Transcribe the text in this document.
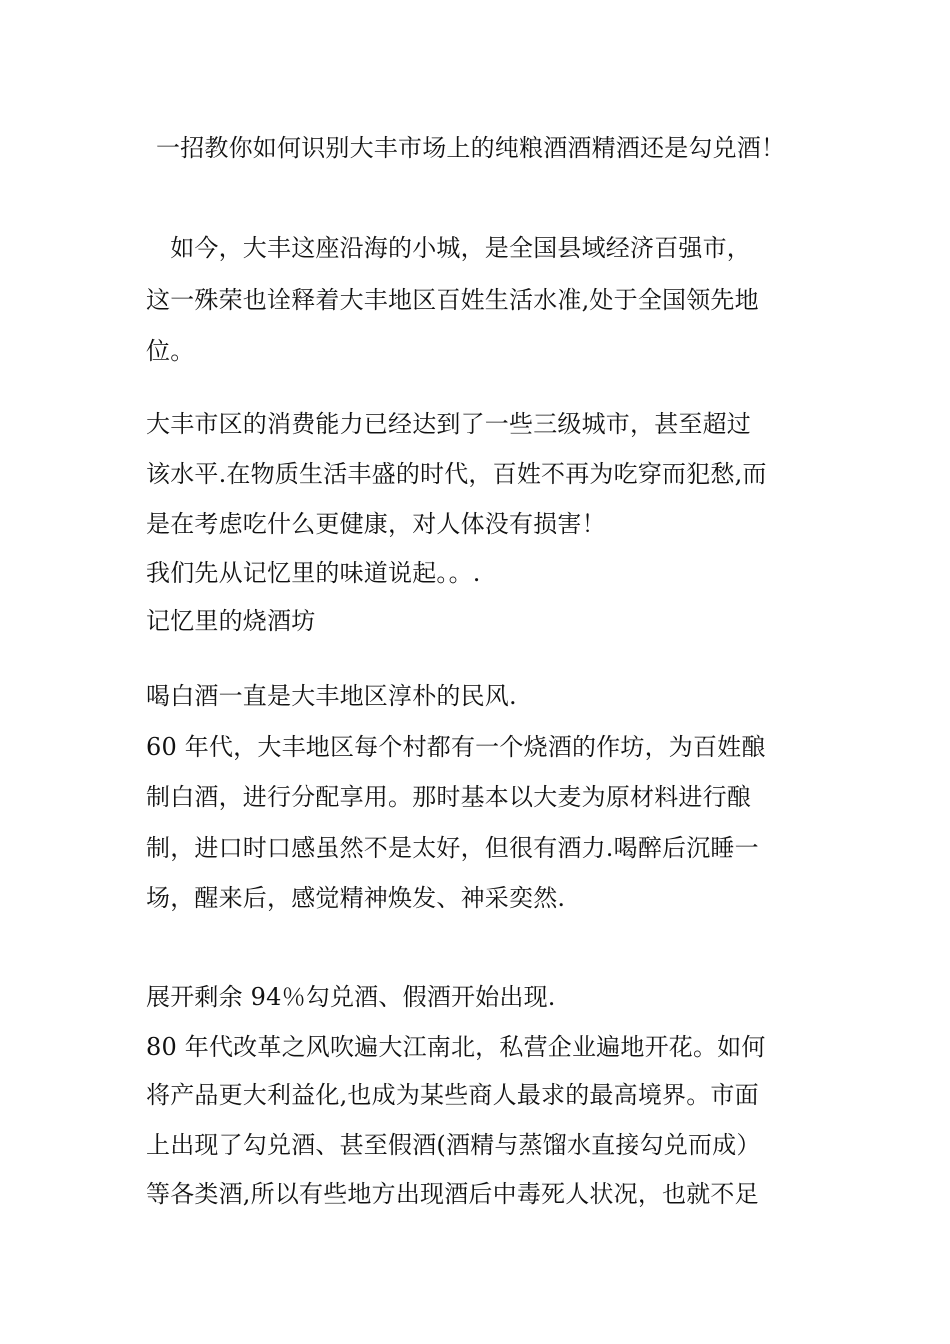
一招教你如何识别大丰市场上的纯粮酒酒精酒还是勾兑酒！
　如今，大丰这座沿海的小城，是全国县域经济百强市，
这一殊荣也诠释着大丰地区百姓生活水准,处于全国领先地
位。
大丰市区的消费能力已经达到了一些三级城市，甚至超过
该水平.在物质生活丰盛的时代，百姓不再为吃穿而犯愁,而
是在考虑吃什么更健康，对人体没有损害！
我们先从记忆里的味道说起。。.
记忆里的烧酒坊
喝白酒一直是大丰地区淳朴的民风.
60 年代，大丰地区每个村都有一个烧酒的作坊，为百姓酿
制白酒，进行分配享用。那时基本以大麦为原材料进行酿
制，进口时口感虽然不是太好，但很有酒力.喝醉后沉睡一
场，醒来后，感觉精神焕发、神采奕然.
展开剩余 94％勾兑酒、假酒开始出现.
80 年代改革之风吹遍大江南北，私营企业遍地开花。如何
将产品更大利益化,也成为某些商人最求的最高境界。市面
上出现了勾兑酒、甚至假酒(酒精与蒸馏水直接勾兑而成）
等各类酒,所以有些地方出现酒后中毒死人状况，也就不足
